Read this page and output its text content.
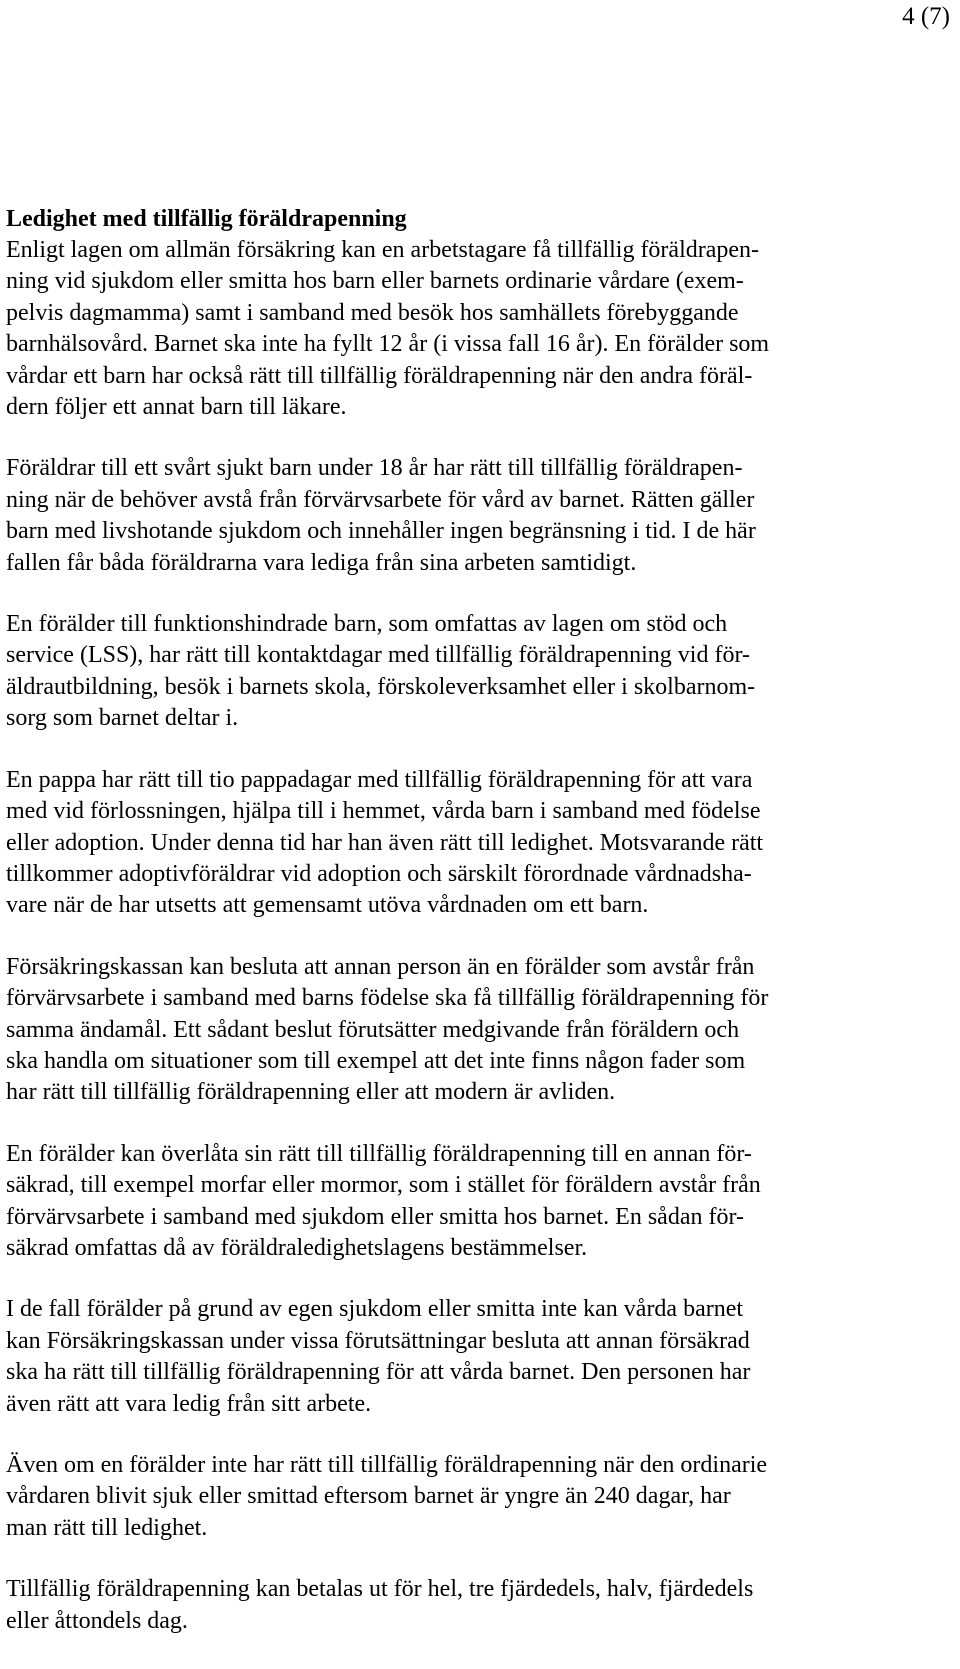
4 (7)
Ledighet med tillfällig föräldrapenning
Enligt lagen om allmän försäkring kan en arbetstagare få tillfällig föräldrapen-
ning vid sjukdom eller smitta hos barn eller barnets ordinarie vårdare (exem-
pelvis dagmamma) samt i samband med besök hos samhällets förebyggande
barnhälsovård. Barnet ska inte ha fyllt 12 år (i vissa fall 16 år). En förälder som
vårdar ett barn har också rätt till tillfällig föräldrapenning när den andra föräl-
dern följer ett annat barn till läkare.
Föräldrar till ett svårt sjukt barn under 18 år har rätt till tillfällig föräldrapen-
ning när de behöver avstå från förvärvsarbete för vård av barnet. Rätten gäller
barn med livshotande sjukdom och innehåller ingen begränsning i tid. I de här
fallen får båda föräldrarna vara lediga från sina arbeten samtidigt.
En förälder till funktionshindrade barn, som omfattas av lagen om stöd och
service (LSS), har rätt till kontaktdagar med tillfällig föräldrapenning vid för-
äldrautbildning, besök i barnets skola, förskoleverksamhet eller i skolbarnom-
sorg som barnet deltar i.
En pappa har rätt till tio pappadagar med tillfällig föräldrapenning för att vara
med vid förlossningen, hjälpa till i hemmet, vårda barn i samband med födelse
eller adoption. Under denna tid har han även rätt till ledighet. Motsvarande rätt
tillkommer adoptivföräldrar vid adoption och särskilt förordnade vårdnadsha-
vare när de har utsetts att gemensamt utöva vårdnaden om ett barn.
Försäkringskassan kan besluta att annan person än en förälder som avstår från
förvärvsarbete i samband med barns födelse ska få tillfällig föräldrapenning för
samma ändamål. Ett sådant beslut förutsätter medgivande från föräldern och
ska handla om situationer som till exempel att det inte finns någon fader som
har rätt till tillfällig föräldrapenning eller att modern är avliden.
En förälder kan överlåta sin rätt till tillfällig föräldrapenning till en annan för-
säkrad, till exempel morfar eller mormor, som i stället för föräldern avstår från
förvärvsarbete i samband med sjukdom eller smitta hos barnet. En sådan för-
säkrad omfattas då av föräldraledighetslagens bestämmelser.
I de fall förälder på grund av egen sjukdom eller smitta inte kan vårda barnet
kan Försäkringskassan under vissa förutsättningar besluta att annan försäkrad
ska ha rätt till tillfällig föräldrapenning för att vårda barnet. Den personen har
även rätt att vara ledig från sitt arbete.
Även om en förälder inte har rätt till tillfällig föräldrapenning när den ordinarie
vårdaren blivit sjuk eller smittad eftersom barnet är yngre än 240 dagar, har
man rätt till ledighet.
Tillfällig föräldrapenning kan betalas ut för hel, tre fjärdedels, halv, fjärdedels
eller åttondels dag.
